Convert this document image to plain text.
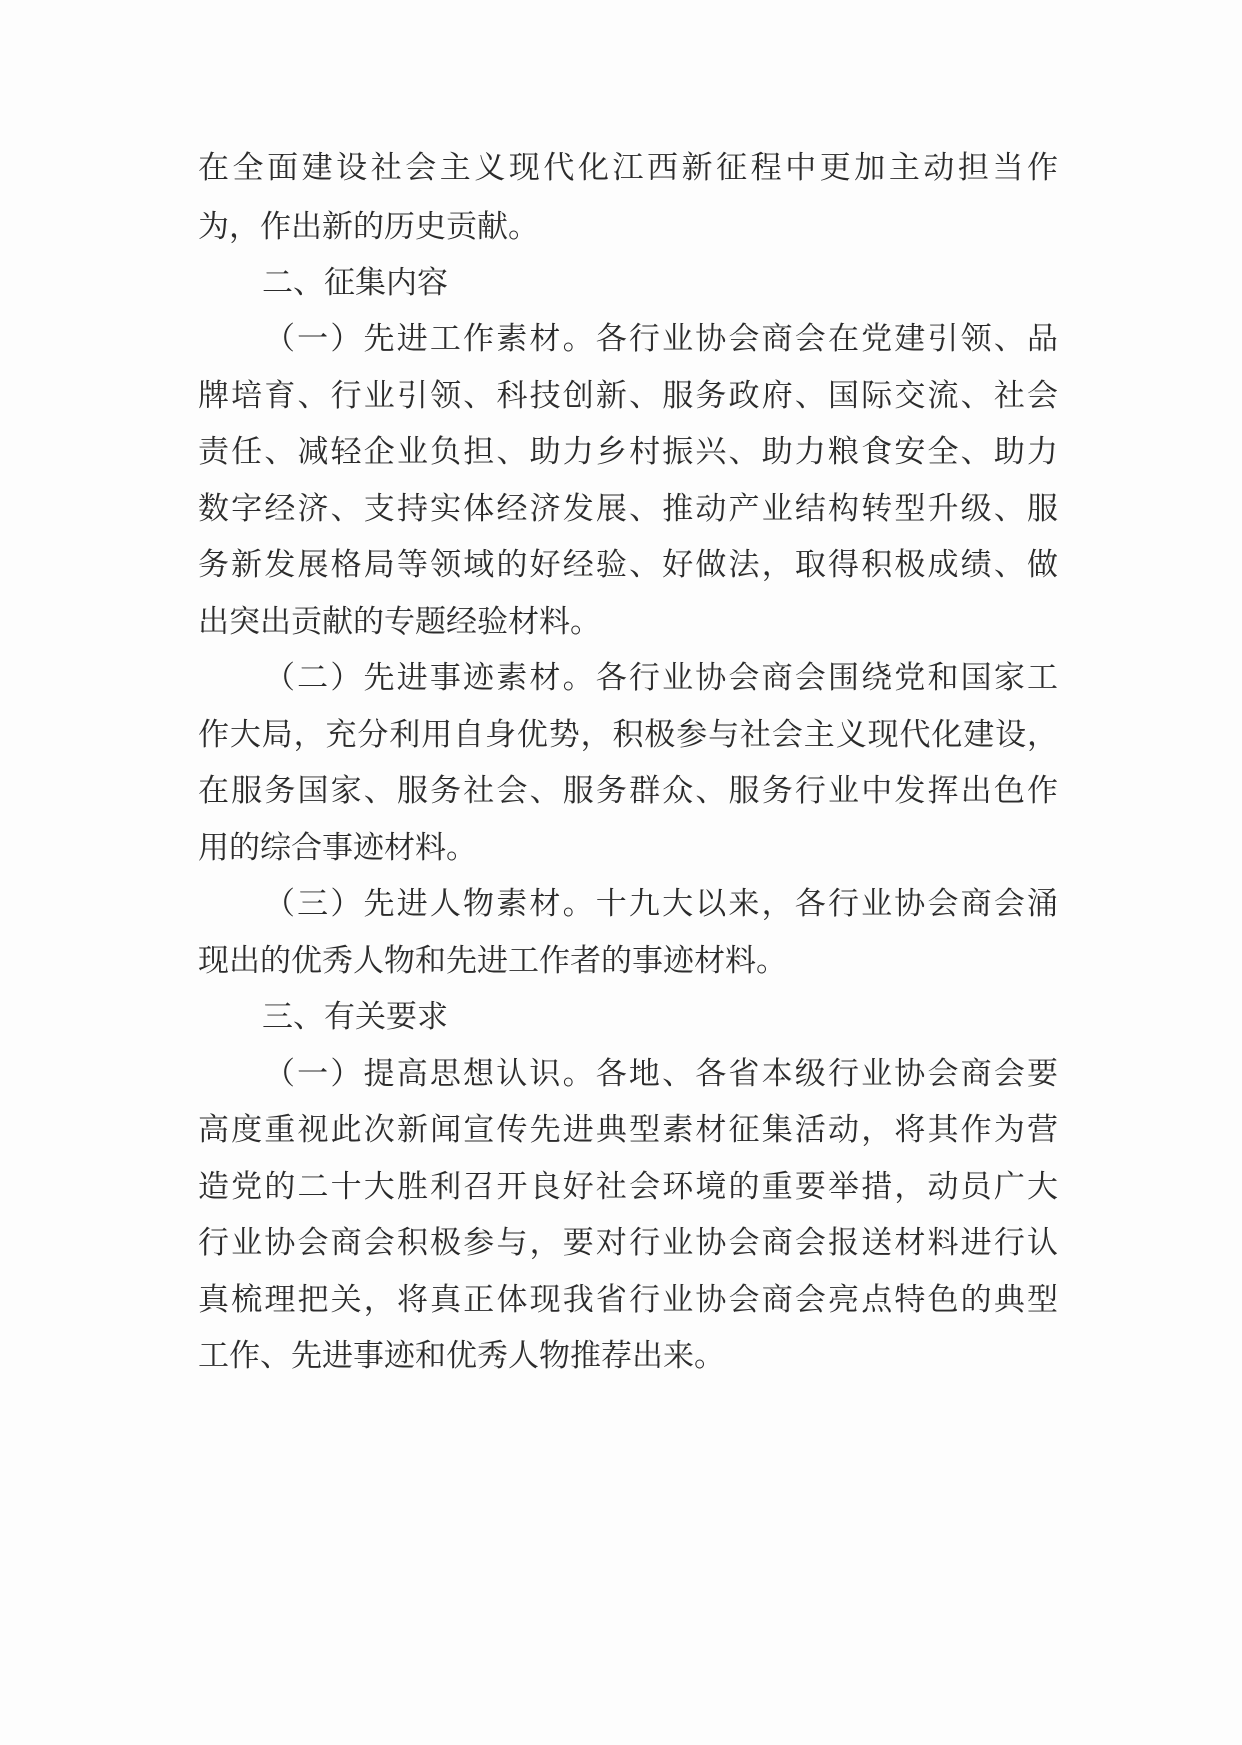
在全面建设社会主义现代化江西新征程中更加主动担当作
为，作出新的历史贡献。
二、征集内容
（一）先进工作素材。各行业协会商会在党建引领、品
牌培育、行业引领、科技创新、服务政府、国际交流、社会
责任、减轻企业负担、助力乡村振兴、助力粮食安全、助力
数字经济、支持实体经济发展、推动产业结构转型升级、服
务新发展格局等领域的好经验、好做法，取得积极成绩、做
出突出贡献的专题经验材料。
（二）先进事迹素材。各行业协会商会围绕党和国家工
作大局，充分利用自身优势，积极参与社会主义现代化建设，
在服务国家、服务社会、服务群众、服务行业中发挥出色作
用的综合事迹材料。
（三）先进人物素材。十九大以来，各行业协会商会涌
现出的优秀人物和先进工作者的事迹材料。
三、有关要求
（一）提高思想认识。各地、各省本级行业协会商会要
高度重视此次新闻宣传先进典型素材征集活动，将其作为营
造党的二十大胜利召开良好社会环境的重要举措，动员广大
行业协会商会积极参与，要对行业协会商会报送材料进行认
真梳理把关，将真正体现我省行业协会商会亮点特色的典型
工作、先进事迹和优秀人物推荐出来。
